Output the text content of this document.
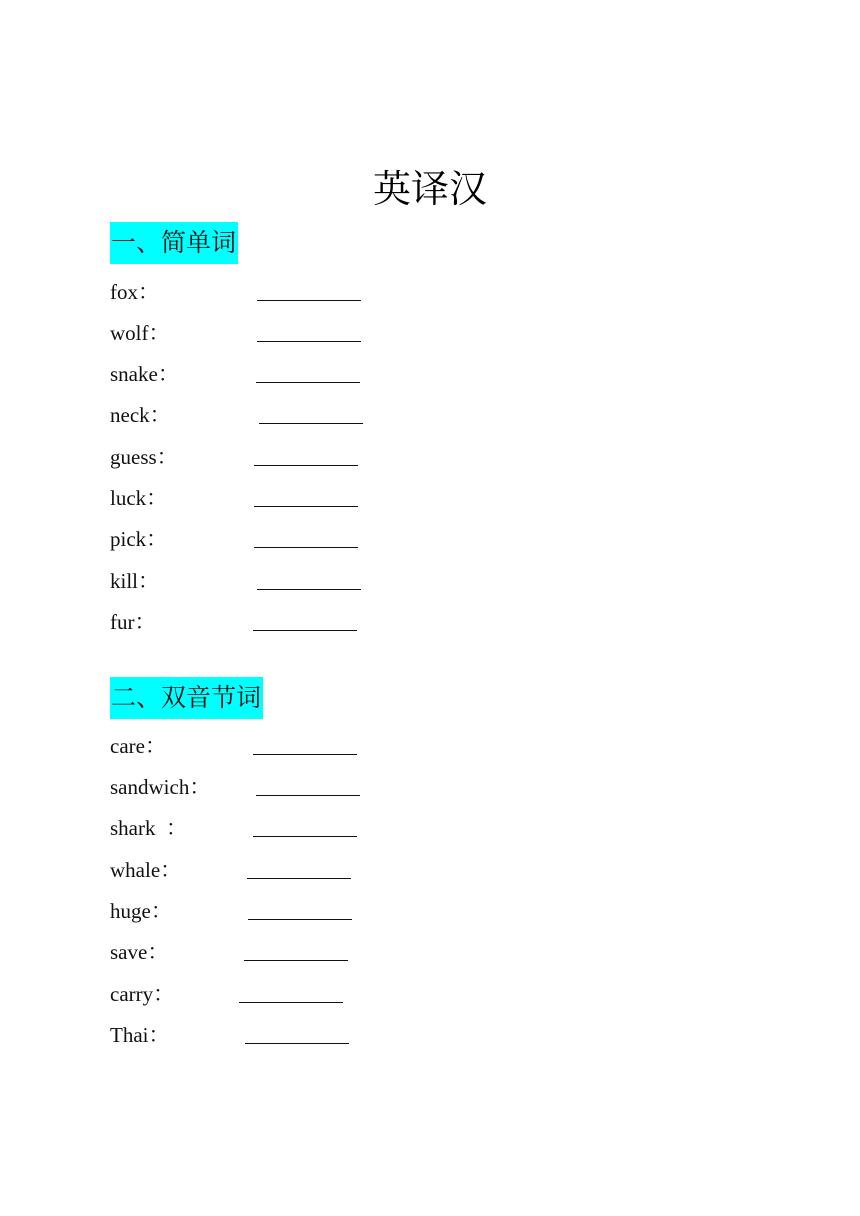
英译汉
一、简单词
fox：
wolf：
snake：
neck：
guess：
luck：
pick：
kill：
fur：
二、双音节词
care：
sandwich：
shark  ：
whale：
huge：
save：
carry：
Thai：
